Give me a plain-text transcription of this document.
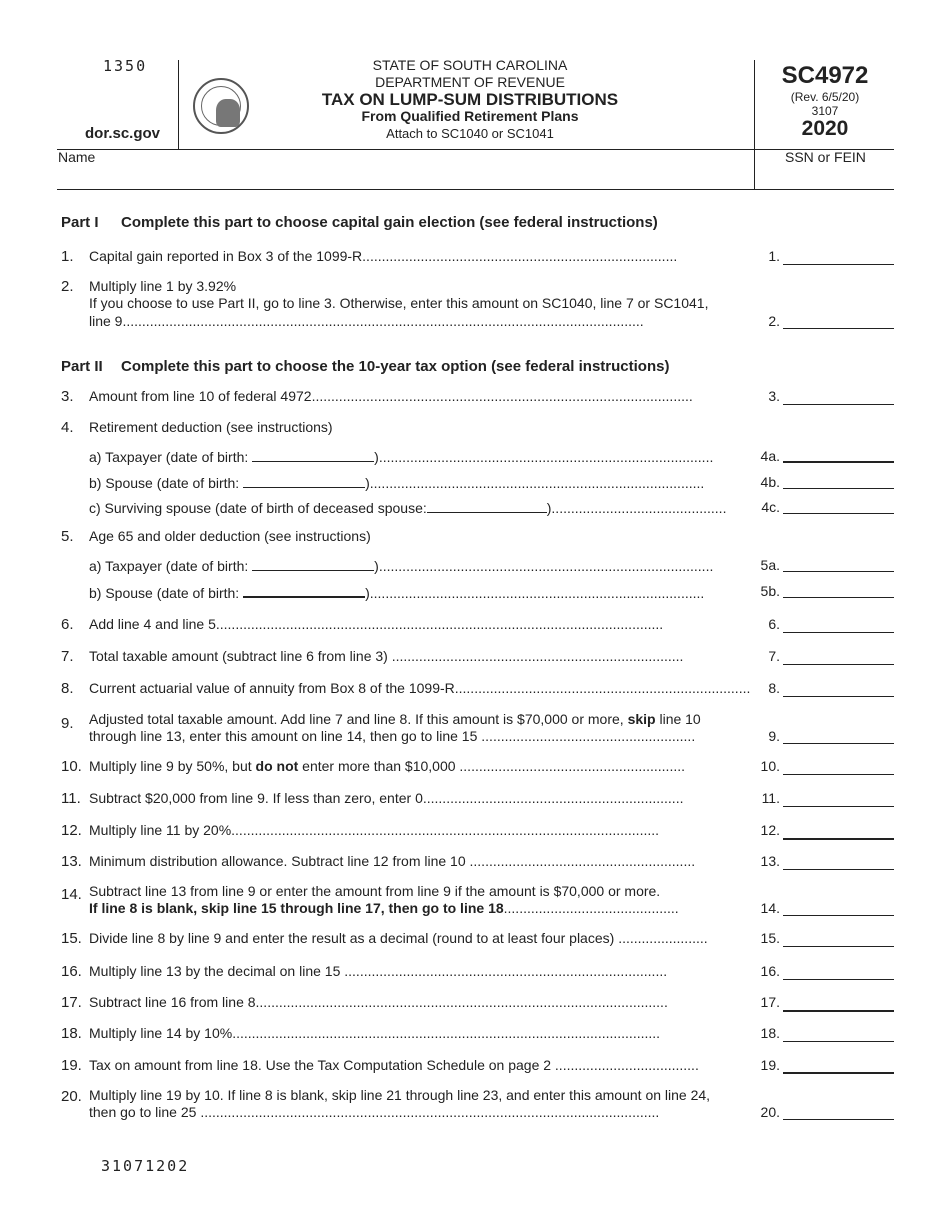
1350
dor.sc.gov
STATE OF SOUTH CAROLINA
DEPARTMENT OF REVENUE
TAX ON LUMP-SUM DISTRIBUTIONS
From Qualified Retirement Plans
Attach to SC1040 or SC1041
SC4972
(Rev. 6/5/20)
3107
2020
Name	SSN or FEIN
Part I Complete this part to choose capital gain election (see federal instructions)
1.	Capital gain reported in Box 3 of the 1099-R.................................................................................	1.
2.	Multiply line 1 by 3.92%
If you choose to use Part II, go to line 3. Otherwise, enter this amount on SC1040, line 7 or SC1041,
line 9......................................................................................................................................	2.
Part II Complete this part to choose the 10-year tax option (see federal instructions)
3.	Amount from line 10 of federal 4972..................................................................................................	3.
4.	Retirement deduction (see instructions)
a) Taxpayer (date of birth:	)......................................................................................	4a.
b) Spouse (date of birth:	)......................................................................................	4b.
c) Surviving spouse (date of birth of deceased spouse:	).............................................	4c.
5.	Age 65 and older deduction (see instructions)
a) Taxpayer (date of birth:	)......................................................................................	5a.
b) Spouse (date of birth:	)......................................................................................	5b.
6.	Add line 4 and line 5...................................................................................................................	6.
7.	Total taxable amount (subtract line 6 from line 3) ...........................................................................	7.
8.	Current actuarial value of annuity from Box 8 of the 1099-R............................................................................ 8.
9.	Adjusted total taxable amount. Add line 7 and line 8. If this amount is $70,000 or more, skip line 10
through line 13, enter this amount on line 14, then go to line 15 .......................................................	9.
10. Multiply line 9 by 50%, but do not enter more than $10,000 ..........................................................	10.
11. Subtract $20,000 from line 9. If less than zero, enter 0...................................................................	11.
12. Multiply line 11 by 20%..............................................................................................................	12.
13. Minimum distribution allowance. Subtract line 12 from line 10 ..........................................................	13.
14. Subtract line 13 from line 9 or enter the amount from line 9 if the amount is $70,000 or more.
If line 8 is blank, skip line 15 through line 17, then go to line 18.............................................	14.
15. Divide line 8 by line 9 and enter the result as a decimal (round to at least four places) .......................	15.
16. Multiply line 13 by the decimal on line 15 ...................................................................................	16.
17. Subtract line 16 from line 8..........................................................................................................	17.
18. Multiply line 14 by 10%..............................................................................................................	18.
19. Tax on amount from line 18. Use the Tax Computation Schedule on page 2 .....................................	19.
20. Multiply line 19 by 10. If line 8 is blank, skip line 21 through line 23, and enter this amount on line 24,
then go to line 25 ......................................................................................................................	20.
31071202
